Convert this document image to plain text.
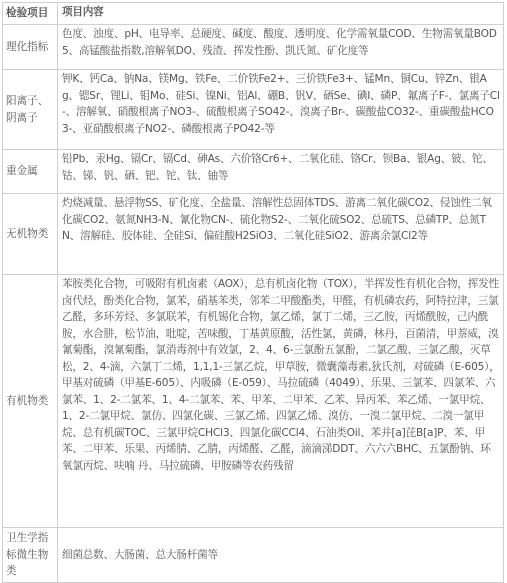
检验项目	项目内容
理化指标
色度、浊度、pH、电导率、总硬度、碱度、酸度、透明度、化学需氧量COD、生物需氧量BOD5、高锰酸盐指数,溶解氧DO、残渣、挥发性酚、凯氏氮、矿化度等
阳离子、阴离子
钾K、钙Ca、钠Na、镁Mg、铁Fe、二价铁Fe2+、三价铁Fe3+、锰Mn、铜Cu、锌Zn、银Ag、锶Sr、锂Li、钼Mo、硅Si、镍Ni、铝Al、硼B、钒V、硒Se、碘I、磷P、氟离子F-、氯离子Cl-、溶解氧、硝酸根离子NO3-、硫酸根离子SO42-、溴离子Br-、碳酸盐CO32-、重碳酸盐HCO3-、亚硝酸根离子NO2-、磷酸根离子PO42-等
重金属
铅Pb、汞Hg、镉Cr、镉Cd、砷As、六价铬Cr6+、二氧化硅、铬Cr、钡Ba、银Ag、铍、铊、钴、锑、钒、硒、钯、铊、钛、铀等
无机物类
灼烧减量、悬浮物SS、矿化度、全盐量、溶解性总固体TDS、游离二氧化碳CO2、侵蚀性二氧化碳CO2、氨氮NH3-N、氰化物CN-、硫化物S2-、二氧化硫SO2、总硫TS、总磷TP、总氮TN、溶解硅、胶体硅、全硅Si、偏硅酸H2SiO3、二氧化硅SiO2、游离余氯Cl2等
有机物类
苯胺类化合物，可吸附有机卤素（AOX），总有机卤化物（TOX），半挥发性有机化合物，挥发性卤代烃，酚类化合物，氯苯，硝基苯类，邻苯二甲酸酯类，甲醛，有机磷农药，阿特拉津，三氯乙醛，多环芳烃、多氯联苯，有机锡化合物，氯乙烯，氯丁二烯，三乙胺，丙烯酰胺，己内酰胺，水合肼，松节油，吡啶，苦味酸，丁基黄原酸，活性氯，黄磷，林丹，百菌清，甲萘威，溴氰菊酯，溴氰菊酯，氯消毒剂中有效氯，2、4、6-三氯酚五氯酚，二氯乙酸、三氯乙酸，灭草松，2、4-滴，六氯丁二烯，1,1,1-三氯乙烷，甲草胺，微囊藻毒素,狄氏剂，对硫磷（E-605），甲基对硫磷（甲基E-605）、内吸磷（E-059）、马拉硫磷（4049）、乐果、三氯苯、四氯苯、六氯苯、1、2-二氯苯、1、4-二氯苯、苯、甲苯、二甲苯、乙苯、异丙苯、苯乙烯、一氯甲烷、1、2-二氯甲烷、氯仿、四氯化碳、三氯乙烯、四氯乙烯、溴仿、一溴二氯甲烷、二溴一氯甲烷、总有机碳TOC、三氯甲烷CHCl3、四氯化碳CCl4、石油类Oil、苯并[a]芘B[a]P、苯、甲苯、二甲苯、乐果、丙烯腈、乙腈，丙烯醛、乙醛，滴滴涕DDT、六六六BHC、五氯酚钠、环氧氯丙烷、呋喃 丹、马拉硫磷、甲胺磷等农药残留
卫生学指标微生物类
细菌总数、大肠菌、总大肠杆菌等
